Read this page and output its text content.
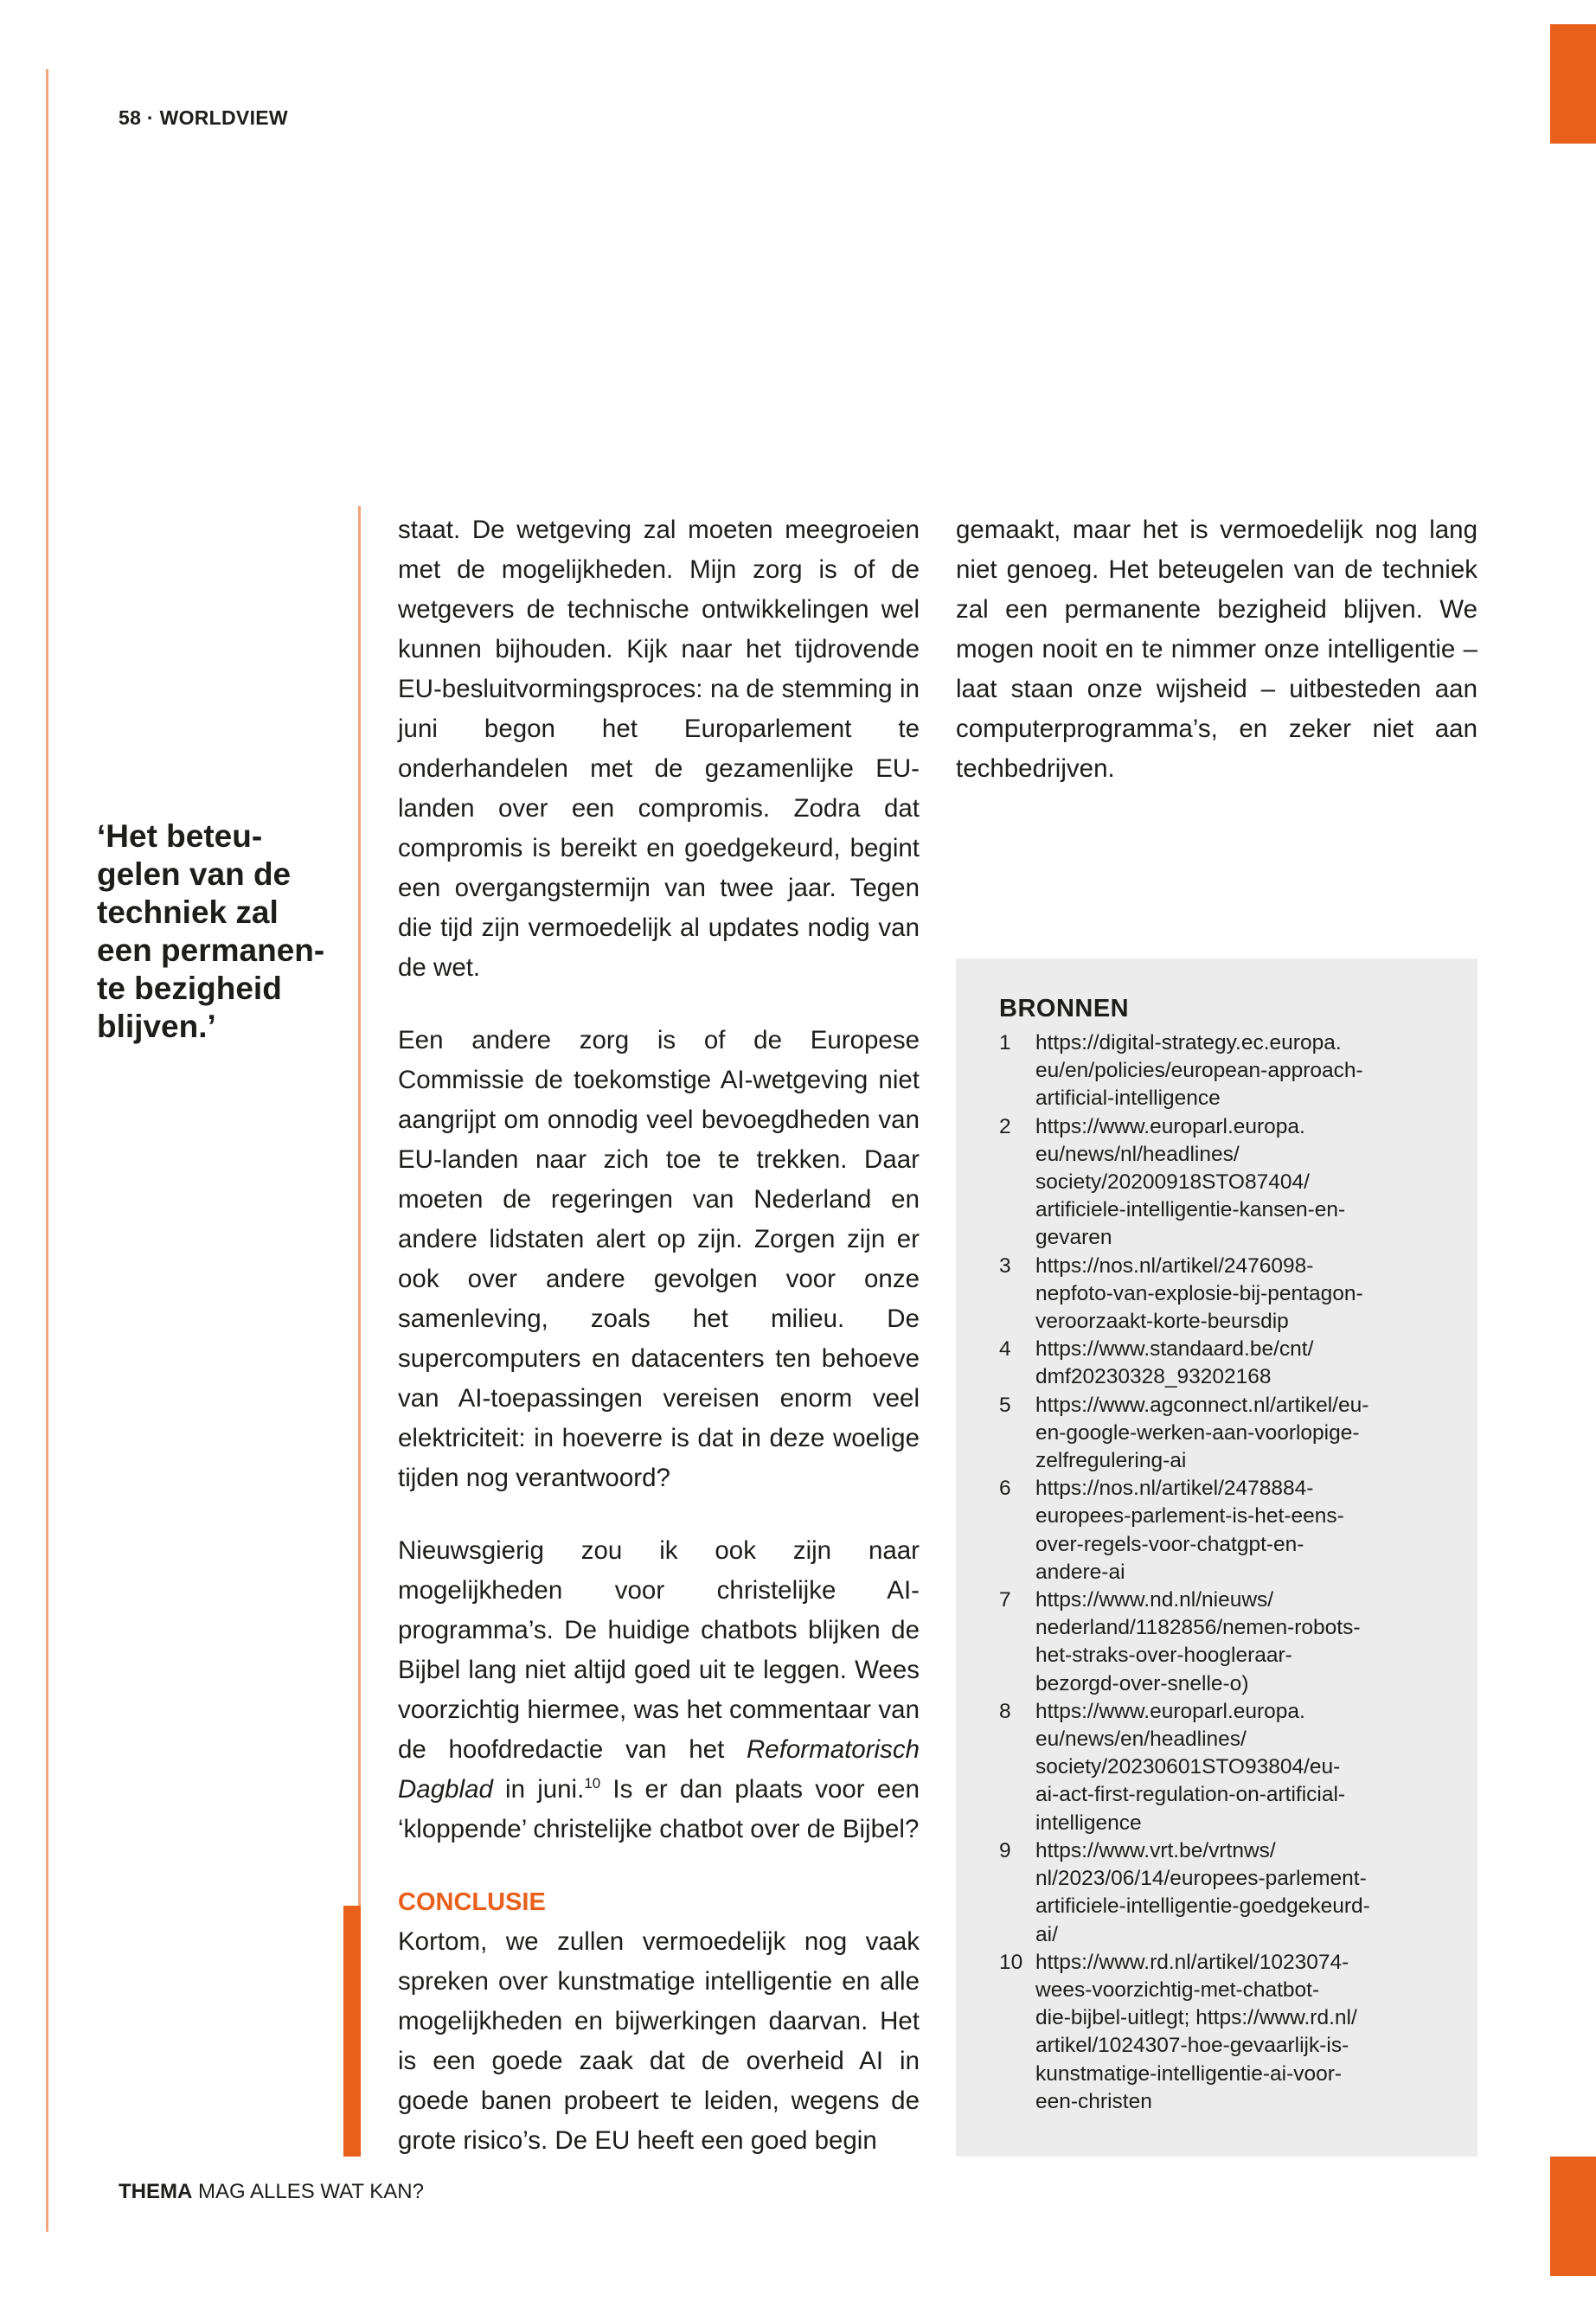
58 · WORLDVIEW
‘Het beteu-
gelen van de
techniek zal
een permanen-
te bezigheid
blijven.’

staat. De wetgeving zal moeten meegroeien met de mogelijkheden. Mijn zorg is of de wetgevers de technische ontwikkelingen wel kunnen bijhouden. Kijk naar het tijdrovende EU-besluitvormingsproces: na de stemming in juni begon het Europarlement te onderhandelen met de gezamenlijke EU-landen over een compromis. Zodra dat compromis is bereikt en goedgekeurd, begint een overgangstermijn van twee jaar. Tegen die tijd zijn vermoedelijk al updates nodig van de wet.

Een andere zorg is of de Europese Commissie de toekomstige AI-wetgeving niet aangrijpt om onnodig veel bevoegdheden van EU-landen naar zich toe te trekken. Daar moeten de regeringen van Nederland en andere lidstaten alert op zijn. Zorgen zijn er ook over andere gevolgen voor onze samenleving, zoals het milieu. De supercomputers en datacenters ten behoeve van AI-toepassingen vereisen enorm veel elektriciteit: in hoeverre is dat in deze woelige tijden nog verantwoord?

Nieuwsgierig zou ik ook zijn naar mogelijkheden voor christelijke AI-programma’s. De huidige chatbots blijken de Bijbel lang niet altijd goed uit te leggen. Wees voorzichtig hiermee, was het commentaar van de hoofdredactie van het Reformatorisch Dagblad in juni.$^{10}$ Is er dan plaats voor een ‘kloppende’ christelijke chatbot over de Bijbel?

CONCLUSIE

Kortom, we zullen vermoedelijk nog vaak spreken over kunstmatige intelligentie en alle mogelijkheden en bijwerkingen daarvan. Het is een goede zaak dat de overheid AI in goede banen probeert te leiden, wegens de grote risico’s. De EU heeft een goed begin

gemaakt, maar het is vermoedelijk nog lang niet genoeg. Het beteugelen van de techniek zal een permanente bezigheid blijven. We mogen nooit en te nimmer onze intelligentie – laat staan onze wijsheid – uitbesteden aan computerprogramma’s, en zeker niet aan techbedrijven.

BRONNEN
1	https://digital-strategy.ec.europa.
eu/en/policies/european-approach-
artificial-intelligence
2	https://www.europarl.europa.
eu/news/nl/headlines/
society/20200918STO87404/
artificiele-intelligentie-kansen-en-
gevaren
3	https://nos.nl/artikel/2476098-
nepfoto-van-explosie-bij-pentagon-
veroorzaakt-korte-beursdip
4	https://www.standaard.be/cnt/
dmf20230328_93202168
5	https://www.agconnect.nl/artikel/eu-
en-google-werken-aan-voorlopige-
zelfregulering-ai
6	https://nos.nl/artikel/2478884-
europees-parlement-is-het-eens-
over-regels-voor-chatgpt-en-
andere-ai
7	https://www.nd.nl/nieuws/
nederland/1182856/nemen-robots-
het-straks-over-hoogleraar-
bezorgd-over-snelle-o)
8	https://www.europarl.europa.
eu/news/en/headlines/
society/20230601STO93804/eu-
ai-act-first-regulation-on-artificial-
intelligence
9	https://www.vrt.be/vrtnws/
nl/2023/06/14/europees-parlement-
artificiele-intelligentie-goedgekeurd-
ai/
10 https://www.rd.nl/artikel/1023074-
wees-voorzichtig-met-chatbot-
die-bijbel-uitlegt; https://www.rd.nl/
artikel/1024307-hoe-gevaarlijk-is-
kunstmatige-intelligentie-ai-voor-
een-christen
THEMA MAG ALLES WAT KAN?
